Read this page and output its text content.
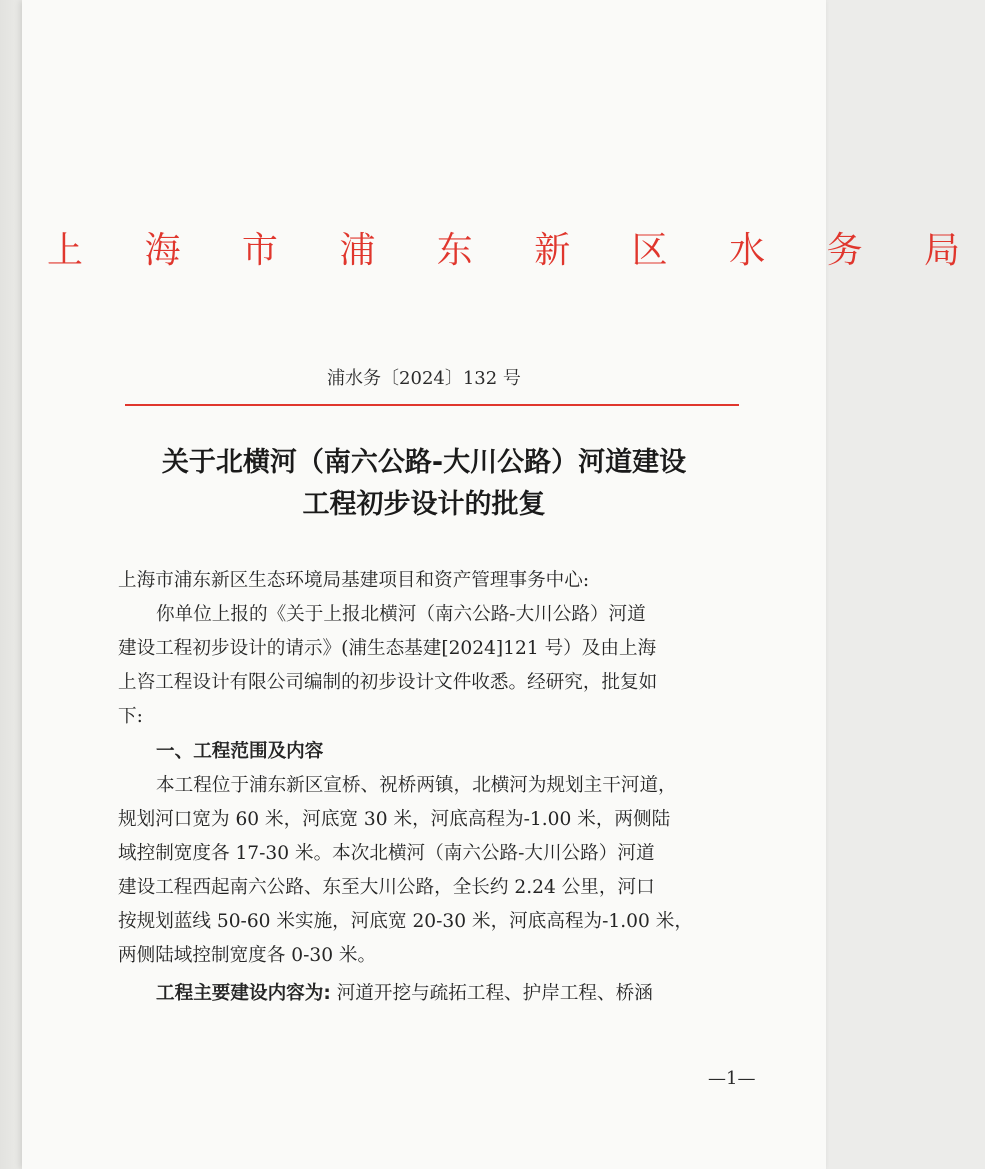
上 海 市 浦 东 新 区 水 务 局
浦水务〔2024〕132 号
关于北横河（南六公路-大川公路）河道建设
工程初步设计的批复
上海市浦东新区生态环境局基建项目和资产管理事务中心:
你单位上报的《关于上报北横河（南六公路-大川公路）河道
建设工程初步设计的请示》(浦生态基建[2024]121 号）及由上海
上咨工程设计有限公司编制的初步设计文件收悉。经研究，批复如
下:
一、工程范围及内容
本工程位于浦东新区宣桥、祝桥两镇，北横河为规划主干河道，
规划河口宽为 60 米，河底宽 30 米，河底高程为-1.00 米，两侧陆
域控制宽度各 17-30 米。本次北横河（南六公路-大川公路）河道
建设工程西起南六公路、东至大川公路，全长约 2.24 公里，河口
按规划蓝线 50-60 米实施，河底宽 20-30 米，河底高程为-1.00 米，
两侧陆域控制宽度各 0-30 米。
工程主要建设内容为: 河道开挖与疏拓工程、护岸工程、桥涵
—1—
